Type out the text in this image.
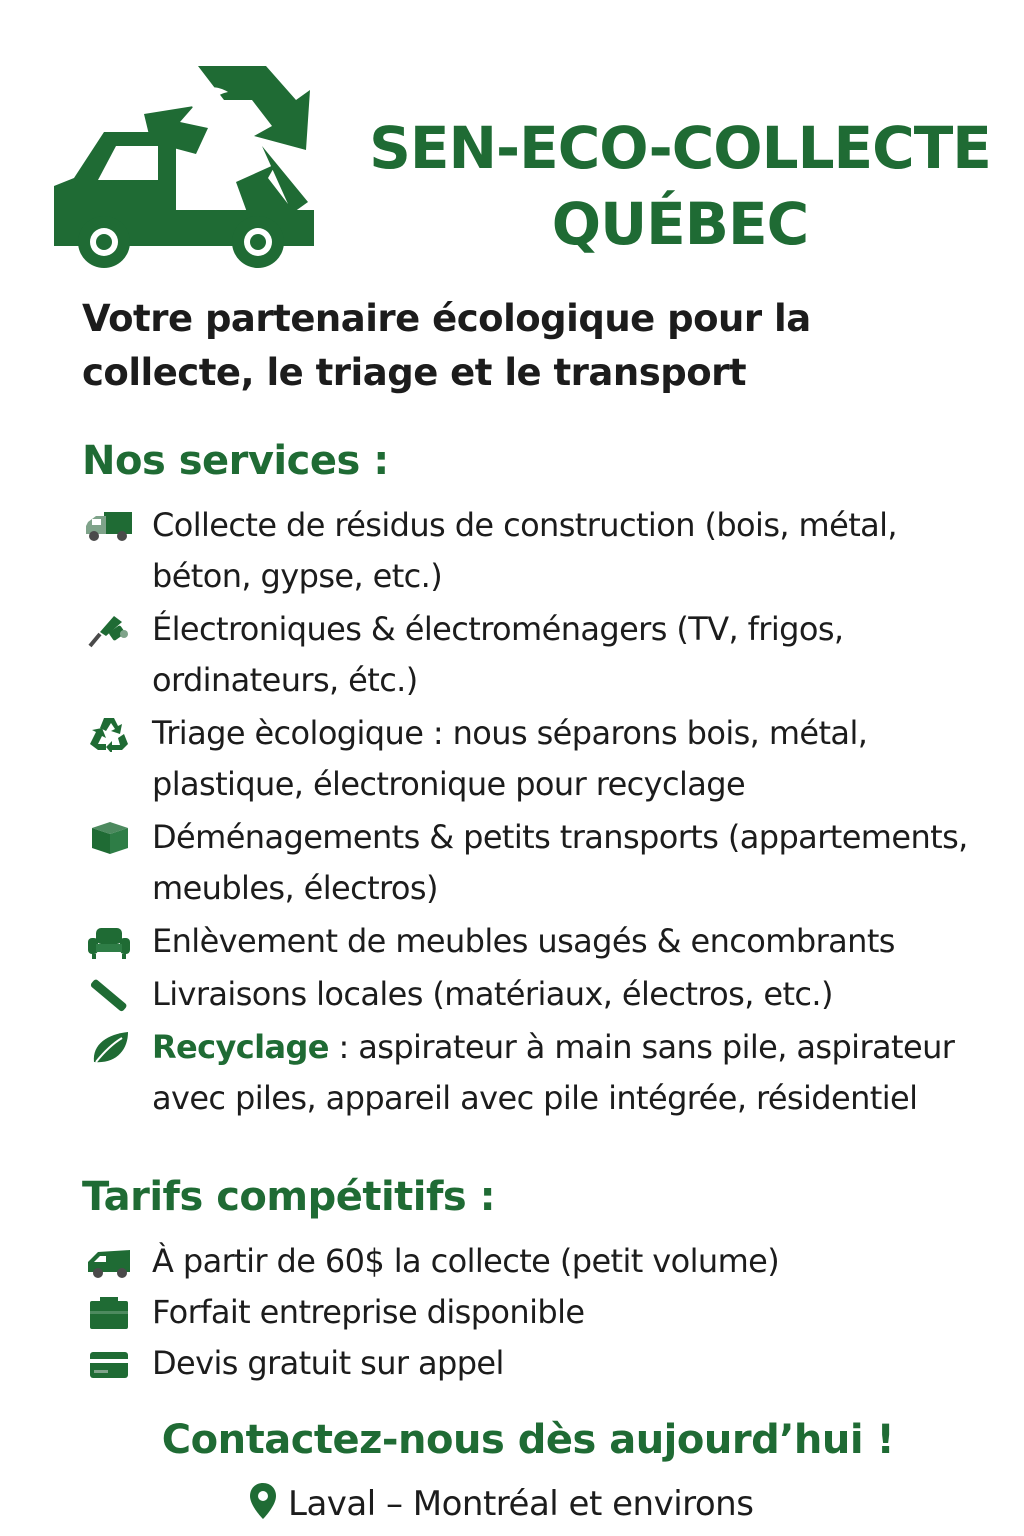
SEN-ECO-COLLECTE
QUÉBEC
Votre partenaire écologique pour la collecte, le triage et le transport
Nos services :
Collecte de résidus de construction (bois, métal, béton, gypse, etc.)
Électroniques & électroménagers (TV, frigos, ordinateurs, étc.)
Triage ècologique : nous séparons bois, métal, plastique, électronique pour recyclage
Déménagements & petits transports (appartements, meubles, électros)
Enlèvement de meubles usagés & encombrants
Livraisons locales (matériaux, électros, etc.)
Recyclage : aspirateur à main sans pile, aspirateur avec piles, appareil avec pile intégrée, résidentiel
Tarifs compétitifs :
À partir de 60$ la collecte (petit volume)
Forfait entreprise disponible
Devis gratuit sur appel
Contactez-nous dès aujourd’hui !
Laval – Montréal et environs
